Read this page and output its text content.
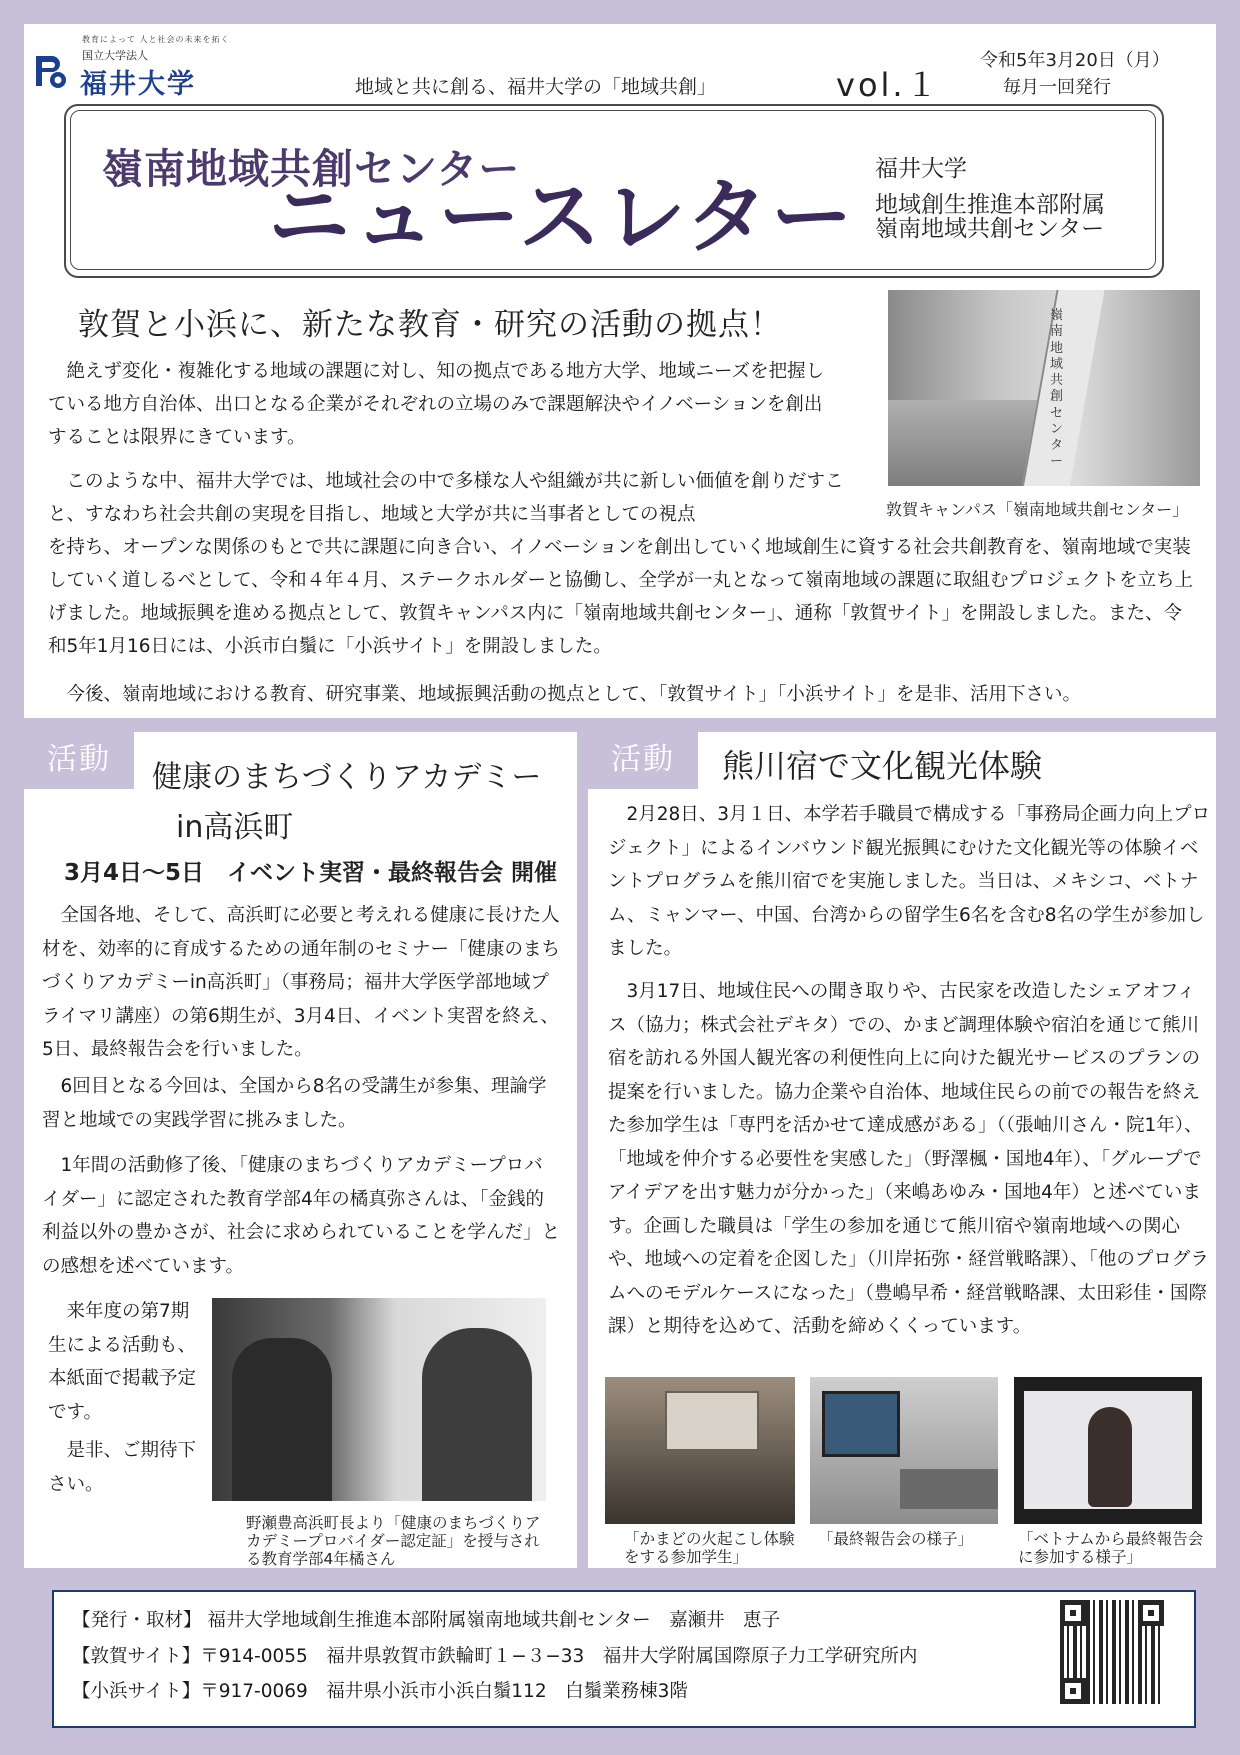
教育によって 人と社会の未来を拓く
国立大学法人
福井大学	地域と共に創る、福井大学の「地域共創」	vol.１
令和5年3月20日（月）
毎月一回発行
嶺南地域共創センター
ニュースレター
福井大学
地域創生推進本部附属
嶺南地域共創センター
敦賀と小浜に、新たな教育・研究の活動の拠点！	嶺南地域共創センター
敦賀キャンパス「嶺南地域共創センター」
　絶えず変化・複雑化する地域の課題に対し、知の拠点である地方大学、地域ニーズを把握している地方自治体、出口となる企業がそれぞれの立場のみで課題解決やイノベーションを創出することは限界にきています。
　このような中、福井大学では、地域社会の中で多様な人や組織が共に新しい価値を創りだすこと、すなわち社会共創の実現を目指し、地域と大学が共に当事者としての視点
を持ち、オープンな関係のもとで共に課題に向き合い、イノベーションを創出していく地域創生に資する社会共創教育を、嶺南地域で実装していく道しるべとして、令和４年４月、ステークホルダーと協働し、全学が一丸となって嶺南地域の課題に取組むプロジェクトを立ち上げました。地域振興を進める拠点として、敦賀キャンパス内に「嶺南地域共創センター」、通称「敦賀サイト」を開設しました。また、令和5年1月16日には、小浜市白鬚に「小浜サイト」を開設しました。
　今後、嶺南地域における教育、研究事業、地域振興活動の拠点として、「敦賀サイト」「小浜サイト」を是非、活用下さい。
活動	活動
健康のまちづくりアカデミー
in高浜町
3月4日～5日　イベント実習・最終報告会 開催
　全国各地、そして、高浜町に必要と考えれる健康に長けた人材を、効率的に育成するための通年制のセミナー「健康のまちづくりアカデミーin高浜町」（事務局；福井大学医学部地域プライマリ講座）の第6期生が、3月4日、イベント実習を終え、5日、最終報告会を行いました。
　6回目となる今回は、全国から8名の受講生が参集、理論学習と地域での実践学習に挑みました。
　1年間の活動修了後、「健康のまちづくりアカデミープロバイダー」に認定された教育学部4年の橘真弥さんは、「金銭的利益以外の豊かさが、社会に求められていることを学んだ」との感想を述べています。
　来年度の第7期生による活動も、本紙面で掲載予定です。
　是非、ご期待下さい。
野瀬豊高浜町長より「健康のまちづくりアカデミープロバイダー認定証」を授与される教育学部4年橘さん
熊川宿で文化観光体験
　2月28日、3月１日、本学若手職員で構成する「事務局企画力向上プロジェクト」によるインバウンド観光振興にむけた文化観光等の体験イベントプログラムを熊川宿でを実施しました。当日は、メキシコ、ベトナム、ミャンマー、中国、台湾からの留学生6名を含む8名の学生が参加しました。
　3月17日、地域住民への聞き取りや、古民家を改造したシェアオフィス（協力；株式会社デキタ）での、かまど調理体験や宿泊を通じて熊川宿を訪れる外国人観光客の利便性向上に向けた観光サービスのプランの提案を行いました。協力企業や自治体、地域住民らの前での報告を終えた参加学生は「専門を活かせて達成感がある」（（張岫川さん・院1年）、「地域を仲介する必要性を実感した」（野澤楓・国地4年）、「グループでアイデアを出す魅力が分かった」（来嶋あゆみ・国地4年）と述べています。企画した職員は「学生の参加を通じて熊川宿や嶺南地域への関心や、地域への定着を企図した」（川岸拓弥・経営戦略課）、「他のプログラムへのモデルケースになった」（豊嶋早希・経営戦略課、太田彩佳・国際課）と期待を込めて、活動を締めくくっています。
「かまどの火起こし体験をする参加学生」
「最終報告会の様子」	「ベトナムから最終報告会に参加する様子」
【発行・取材】 福井大学地域創生推進本部附属嶺南地域共創センター　嘉瀬井　恵子
【敦賀サイト】〒914-0055　福井県敦賀市鉄輪町１−３−33　福井大学附属国際原子力工学研究所内
【小浜サイト】〒917-0069　福井県小浜市小浜白鬚112　白鬚業務棟3階
